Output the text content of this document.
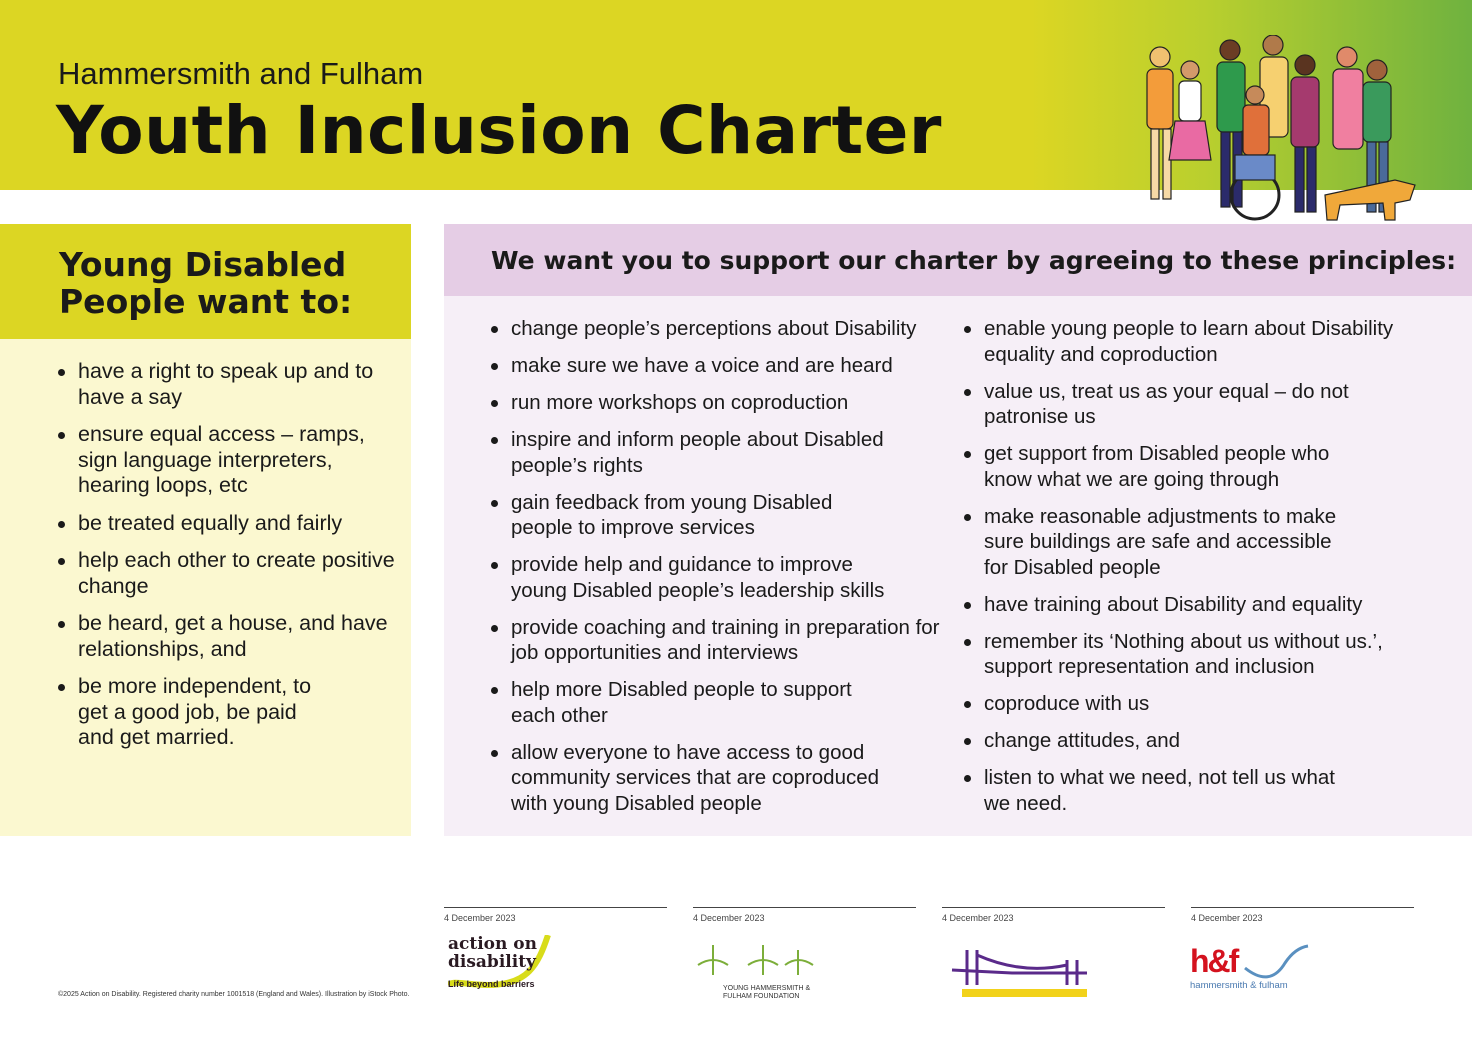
Hammersmith and Fulham
Youth Inclusion Charter
Young Disabled
People want to:
have a right to speak up and to have a say
ensure equal access – ramps, sign language interpreters, hearing loops, etc
be treated equally and fairly
help each other to create positive change
be heard, get a house, and have relationships, and
be more independent, to get a good job, be paid and get married.
We want you to support our charter by agreeing to these principles:
change people’s perceptions about Disability
make sure we have a voice and are heard
run more workshops on coproduction
inspire and inform people about Disabled people’s rights
gain feedback from young Disabled people to improve services
provide help and guidance to improve young Disabled people’s leadership skills
provide coaching and training in preparation for job opportunities and interviews
help more Disabled people to support each other
allow everyone to have access to good community services that are coproduced with young Disabled people
enable young people to learn about Disability equality and coproduction
value us, treat us as your equal – do not patronise us
get support from Disabled people who know what we are going through
make reasonable adjustments to make sure buildings are safe and accessible for Disabled people
have training about Disability and equality
remember its ‘Nothing about us without us.’, support representation and inclusion
coproduce with us
change attitudes, and
listen to what we need, not tell us what we need.
©2025 Action on Disability. Registered charity number 1001518 (England and Wales). Illustration by iStock Photo.
4 December 2023	4 December 2023	4 December 2023	4 December 2023
action on disability
Life beyond barriers	YOUNG HAMMERSMITH & FULHAM FOUNDATION
h&f
hammersmith & fulham
